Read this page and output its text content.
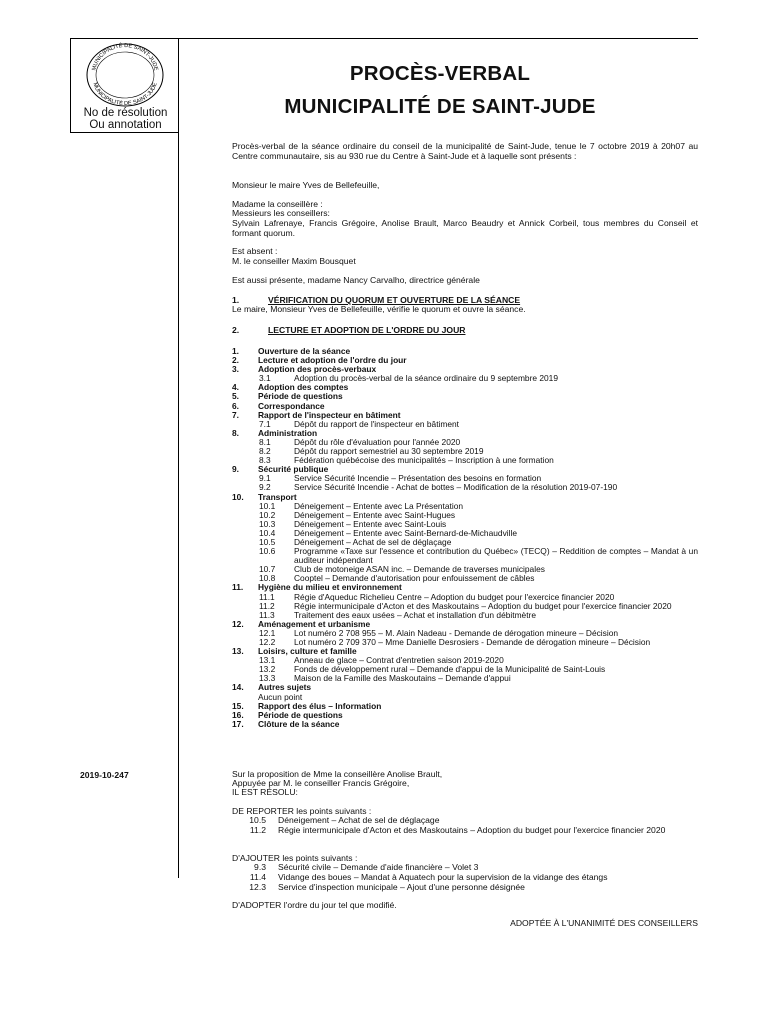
MUNICIPALITÉ DE SAINT-JUDE
MUNICIPALITÉ DE SAINT-JUDE
No de résolution
Ou annotation
PROCÈS-VERBAL
MUNICIPALITÉ DE SAINT-JUDE
Procès-verbal de la séance ordinaire du conseil de la municipalité de Saint-Jude, tenue le 7 octobre 2019 à 20h07 au Centre communautaire, sis au 930 rue du Centre à Saint-Jude et à laquelle sont présents :
Monsieur le maire Yves de Bellefeuille,
Madame la conseillère :
Messieurs les conseillers:
Sylvain Lafrenaye, Francis Grégoire, Anolise Brault, Marco Beaudry et Annick Corbeil, tous membres du Conseil et formant quorum.
Est absent :
M. le conseiller Maxim Bousquet
Est aussi présente, madame Nancy Carvalho, directrice générale
1.	VÉRIFICATION DU QUORUM ET OUVERTURE DE LA SÉANCE
Le maire, Monsieur Yves de Bellefeuille, vérifie le quorum et ouvre la séance.
2.	LECTURE ET ADOPTION DE L'ORDRE DU JOUR
1.	Ouverture de la séance
2.	Lecture et adoption de l'ordre du jour
3.	Adoption des procès-verbaux
3.1	Adoption du procès-verbal de la séance ordinaire du 9 septembre 2019
4.	Adoption des comptes
5.	Période de questions
6.	Correspondance
7.	Rapport de l'inspecteur en bâtiment
7.1	Dépôt du rapport de l'inspecteur en bâtiment
8.	Administration
8.1	Dépôt du rôle d'évaluation pour l'année 2020
8.2	Dépôt du rapport semestriel au 30 septembre 2019
8.3	Fédération québécoise des municipalités – Inscription à une formation
9.	Sécurité publique
9.1	Service Sécurité Incendie – Présentation des besoins en formation
9.2	Service Sécurité Incendie - Achat de bottes – Modification de la résolution 2019-07-190
10.	Transport
10.1	Déneigement – Entente avec La Présentation
10.2	Déneigement – Entente avec Saint-Hugues
10.3	Déneigement – Entente avec Saint-Louis
10.4	Déneigement – Entente avec Saint-Bernard-de-Michaudville
10.5	Déneigement – Achat de sel de déglaçage
10.6	Programme «Taxe sur l'essence et contribution du Québec» (TECQ) – Reddition de comptes – Mandat à un auditeur indépendant
10.7	Club de motoneige ASAN inc. – Demande de traverses municipales
10.8	Cooptel – Demande d'autorisation pour enfouissement de câbles
11.	Hygiène du milieu et environnement
11.1	Régie d'Aqueduc Richelieu Centre – Adoption du budget pour l'exercice financier 2020
11.2	Régie intermunicipale d'Acton et des Maskoutains – Adoption du budget pour l'exercice financier 2020
11.3	Traitement des eaux usées – Achat et installation d'un débitmètre
12.	Aménagement et urbanisme
12.1	Lot numéro 2 708 955 – M. Alain Nadeau - Demande de dérogation mineure – Décision
12.2	Lot numéro 2 709 370 – Mme Danielle Desrosiers - Demande de dérogation mineure – Décision
13.	Loisirs, culture et famille
13.1	Anneau de glace – Contrat d'entretien saison 2019-2020
13.2	Fonds de développement rural – Demande d'appui de la Municipalité de Saint-Louis
13.3	Maison de la Famille des Maskoutains – Demande d'appui
14.	Autres sujets
Aucun point
15.	Rapport des élus – Information
16.	Période de questions
17.	Clôture de la séance
2019-10-247	Sur la proposition de Mme la conseillère Anolise Brault,
Appuyée par M. le conseiller Francis Grégoire,
IL EST RÉSOLU:
DE REPORTER les points suivants :
10.5	Déneigement – Achat de sel de déglaçage
11.2	Régie intermunicipale d'Acton et des Maskoutains – Adoption du budget pour l'exercice financier 2020
D'AJOUTER les points suivants :
9.3	Sécurité civile – Demande d'aide financière – Volet 3
11.4	Vidange des boues – Mandat à Aquatech pour la supervision de la vidange des étangs
12.3	Service d'inspection municipale – Ajout d'une personne désignée
D'ADOPTER l'ordre du jour tel que modifié.
ADOPTÉE À L'UNANIMITÉ DES CONSEILLERS
